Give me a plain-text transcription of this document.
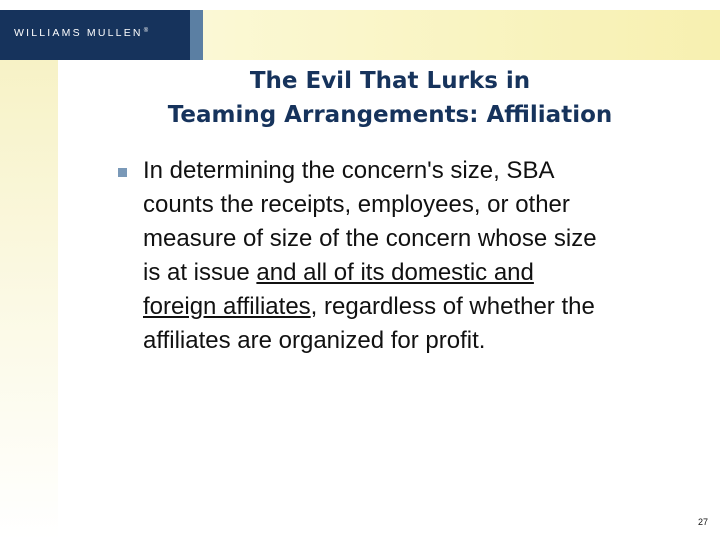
WILLIAMS MULLEN®
The Evil That Lurks in
Teaming Arrangements: Affiliation
In determining the concern's size, SBA
counts the receipts, employees, or other
measure of size of the concern whose size
is at issue and all of its domestic and
foreign affiliates, regardless of whether the
affiliates are organized for profit.
27
